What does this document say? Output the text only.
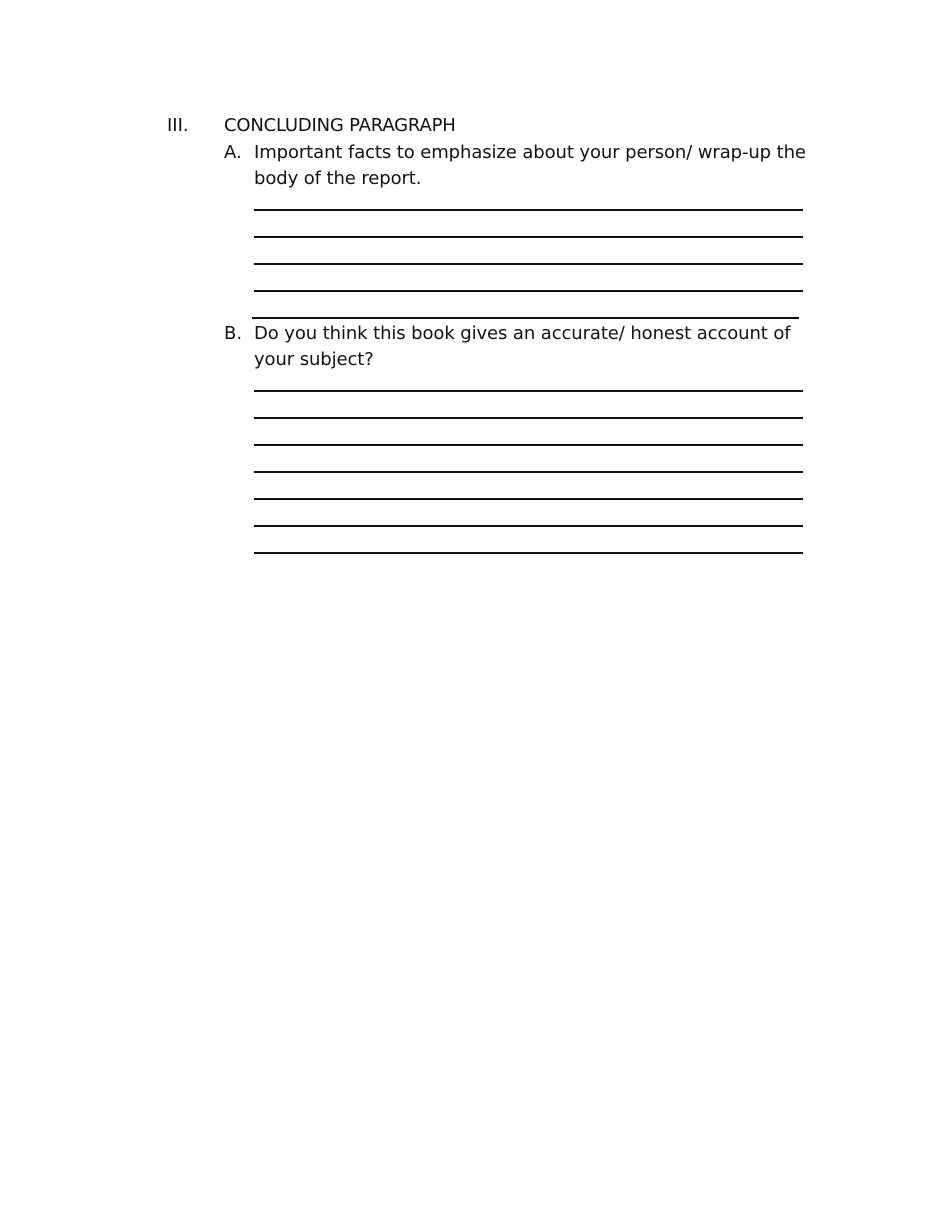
III. CONCLUDING PARAGRAPH
A. Important facts to emphasize about your person/ wrap-up the body of the report.
B. Do you think this book gives an accurate/ honest account of your subject?
